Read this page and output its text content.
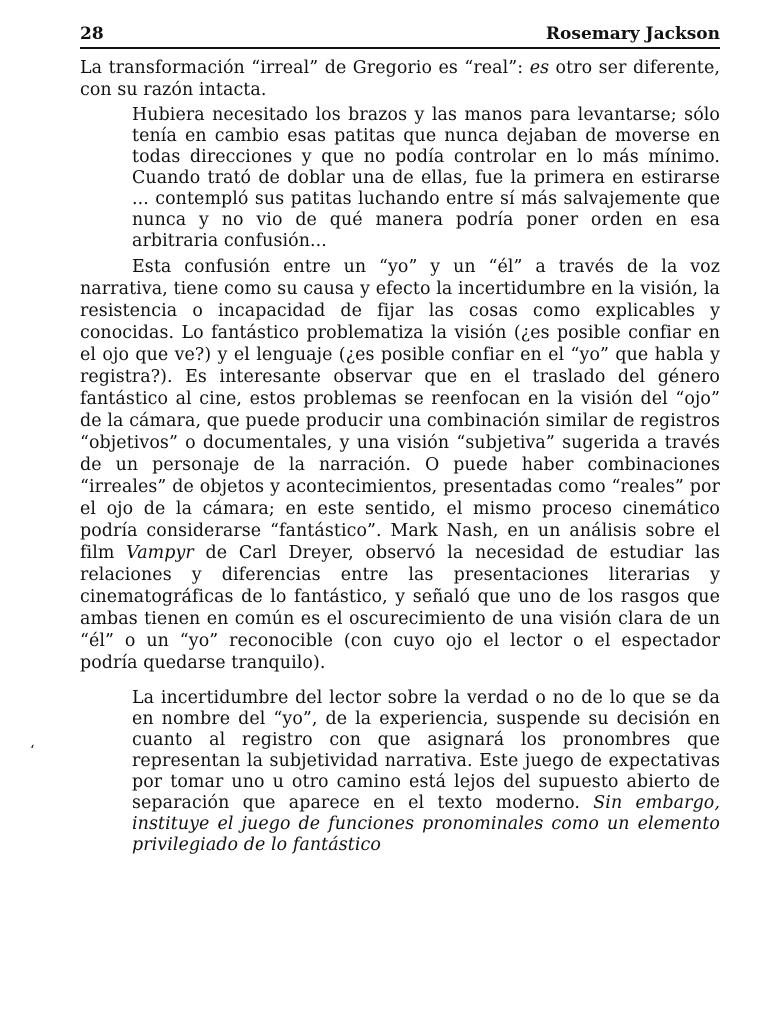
28	Rosemary Jackson

La transformación “irreal” de Gregorio es “real”: es otro ser diferente, con su razón intacta.

Hubiera necesitado los brazos y las manos para levantarse; sólo tenía en cambio esas patitas que nunca dejaban de moverse en todas direcciones y que no podía controlar en lo más mínimo. Cuando trató de doblar una de ellas, fue la primera en estirarse ... contempló sus patitas luchando entre sí más salvajemente que nunca y no vio de qué manera podría poner orden en esa arbitraria confusión...

Esta confusión entre un “yo” y un “él” a través de la voz narrativa, tiene como su causa y efecto la incertidumbre en la visión, la resistencia o incapacidad de fijar las cosas como explicables y conocidas. Lo fantástico problematiza la visión (¿es posible confiar en el ojo que ve?) y el lenguaje (¿es posible confiar en el “yo” que habla y registra?). Es interesante observar que en el traslado del género fantástico al cine, estos problemas se reenfocan en la visión del “ojo” de la cámara, que puede producir una combinación similar de registros “objetivos” o documentales, y una visión “subjetiva” sugerida a través de un personaje de la narración. O puede haber combinaciones “irreales” de objetos y acontecimientos, presentadas como “reales” por el ojo de la cámara; en este sentido, el mismo proceso cinemático podría considerarse “fantástico”. Mark Nash, en un análisis sobre el film Vampyr de Carl Dreyer, observó la necesidad de estudiar las relaciones y diferencias entre las presentaciones literarias y cinematográficas de lo fantástico, y señaló que uno de los rasgos que ambas tienen en común es el oscurecimiento de una visión clara de un “él” o un “yo” reconocible (con cuyo ojo el lector o el espectador podría quedarse tranquilo).

La incertidumbre del lector sobre la verdad o no de lo que se da en nombre del “yo”, de la experiencia, suspende su decisión en cuanto al registro con que asignará los pronombres que representan la subjetividad narrativa. Este juego de expectativas por tomar uno u otro camino está lejos del supuesto abierto de separación que aparece en el texto moderno. Sin embargo, instituye el juego de funciones pronominales como un elemento privilegiado de lo fantástico

‘
